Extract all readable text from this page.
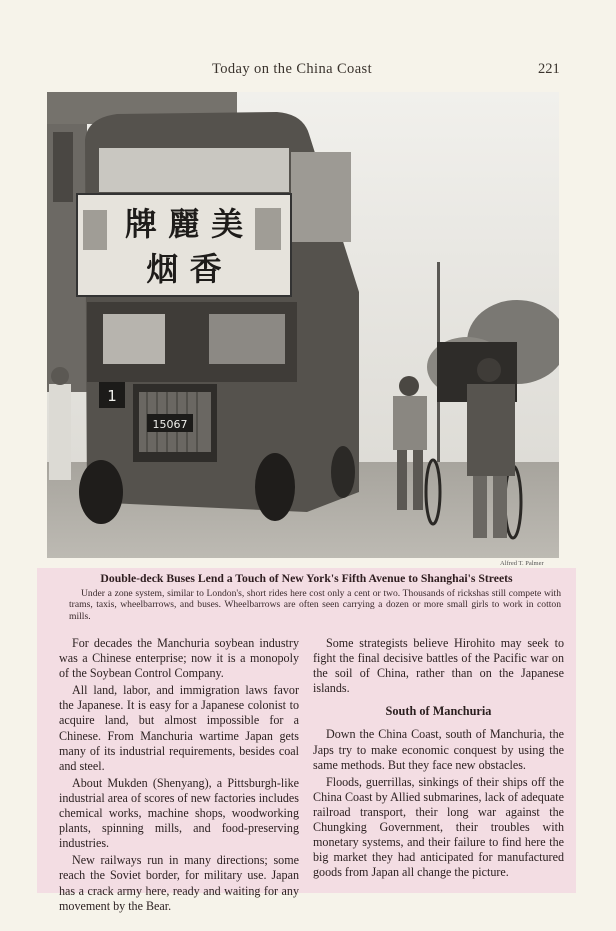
Today on the China Coast	221
牌 麗 美
烟 香
15067
1
Alfred T. Palmer
Double-deck Buses Lend a Touch of New York's Fifth Avenue to Shanghai's Streets

Under a zone system, similar to London's, short rides here cost only a cent or two. Thousands of rickshas still compete with trams, taxis, wheelbarrows, and buses. Wheelbarrows are often seen carrying a dozen or more small girls to work in cotton mills.

For decades the Manchuria soybean industry was a Chinese enterprise; now it is a monopoly of the Soybean Control Company.

All land, labor, and immigration laws favor the Japanese. It is easy for a Japanese colonist to acquire land, but almost impossible for a Chinese. From Manchuria wartime Japan gets many of its industrial requirements, besides coal and steel.

About Mukden (Shenyang), a Pittsburgh-like industrial area of scores of new factories includes chemical works, machine shops, woodworking plants, spinning mills, and food-preserving industries.

New railways run in many directions; some reach the Soviet border, for military use. Japan has a crack army here, ready and waiting for any movement by the Bear.

Some strategists believe Hirohito may seek to fight the final decisive battles of the Pacific war on the soil of China, rather than on the Japanese islands.

South of Manchuria

Down the China Coast, south of Manchuria, the Japs try to make economic conquest by using the same methods. But they face new obstacles.

Floods, guerrillas, sinkings of their ships off the China Coast by Allied submarines, lack of adequate railroad transport, their long war against the Chungking Government, their troubles with monetary systems, and their failure to find here the big market they had anticipated for manufactured goods from Japan all change the picture.
